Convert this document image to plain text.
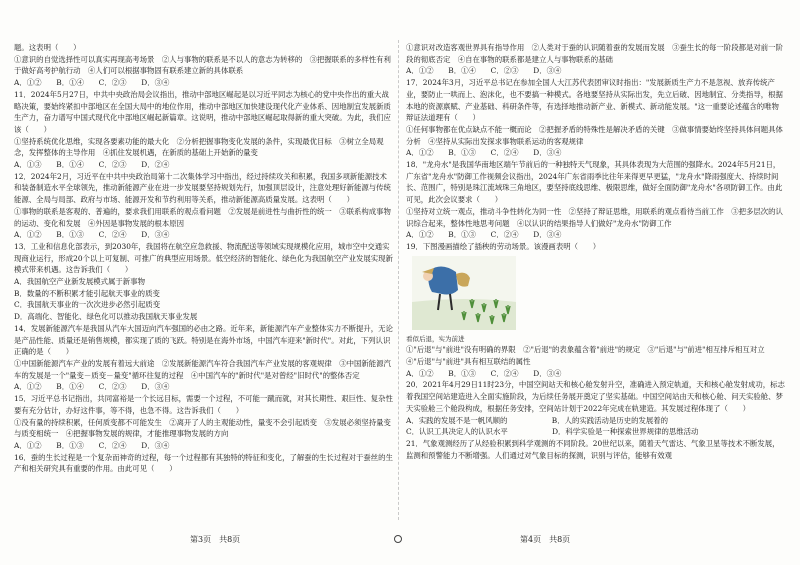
题。这表明（　　）

①意识的自觉选择性可以真实再现高考场景　②人与事物的联系是不以人的意志为转移的　③把握联系的多样性有利于做好高考护航行动　④人们可以根据事物固有联系建立新的具体联系

A．①②　　B．①④　　C．②③　　D．③④

11．2024年5月27日，中共中央政治局会议指出，推动中部地区崛起是以习近平同志为核心的党中央作出的重大战略决策，要始终紧扣中部地区在全国大局中的地位作用，推动中部地区加快建设现代化产业体系、因地制宜发展新质生产力，奋力谱写中国式现代化中部地区崛起新篇章。这说明，推动中部地区崛起取得新的重大突破。为此，我们应该（　　）

①坚持系统优化思维，实现各要素功能的最大化　②分析把握事物变化发展的条件，实现最优目标　③树立全局观念，发挥整体的主导作用　④抓住发展机遇，在新质的基础上开始新的量变

A．①③　　B．①④　　C．②③　　D．②④

12．2024年2月，习近平在中共中央政治局第十二次集体学习中指出，经过持续攻关和积累，我国多项新能源技术和装备制造水平全球领先，推动新能源产业在进一步发展要坚持规划先行，加强顶层设计，注意处理好新能源与传统能源、全局与局部、政府与市场、能源开发和节约利用等关系，推动新能源高质量发展。这表明（　　）

①事物的联系是客观的、普遍的，要求我们用联系的观点看问题　②发展是前进性与曲折性的统一　③联系构成事物的运动、变化和发展　④外因是事物发展的根本原因

A．①②　　B．①③　　C．②④　　D．③④

13．工业和信息化部表示，到2030年，我国将在航空应急救援、物流配送等领域实现规模化应用，城市空中交通实现商业运行，形成20个以上可复制、可推广的典型应用场景。低空经济的智能化、绿色化为我国航空产业发展实现新模式带来机遇。这告诉我们（　　）

A．我国航空产业新发展模式属于新事物

B．数量的不断积累才能引起航天事业的质变

C．我国航天事业的一次次进步必然引起质变

D．高端化、智能化、绿色化可以推动我国航天事业发展

14．发展新能源汽车是我国从汽车大国迈向汽车强国的必由之路。近年来，新能源汽车产业整体实力不断提升，无论是产品性能、质量还是销售规模，都实现了质的飞跃。特别是在海外市场，中国汽车迎来"新时代"。对此，下列认识正确的是（　　）

①中国新能源汽车产业的发展有着远大前途　②发展新能源汽车符合我国汽车产业发展的客观规律　③中国新能源汽车的发展是一个"量变－质变－量变"循环往复的过程　④中国汽车的"新时代"是对曾经"旧时代"的整体否定

A．①②　　B．①④　　C．②③　　D．③④

15．习近平总书记指出，共同富裕是一个长远目标，需要一个过程，不可能一蹴而就，对其长期性、艰巨性、复杂性要有充分估计，办好这件事，等不得，也急不得。这告诉我们（　　）

①没有量的持续积累，任何质变都不可能发生　②离开了人的主观能动性，量变不会引起质变　③发展必须坚持量变与质变相统一　④把握事物发展的规律，才能推理事物发展的方向

A．①②　　B．①③　　C．②④　　D．③④

16．蚕的生长过程是一个复杂而神奇的过程，每一个过程都有其独特的特征和变化，了解蚕的生长过程对于蚕丝的生产和相关研究具有重要的作用。由此可见（　　）

①意识对改造客观世界具有指导作用　②人类对于蚕的认识随着蚕的发展而发展　③蚕生长的每一阶段都是对前一阶段的彻底否定　④自在事物的联系都是建立人与事物联系的基础

A．①②　　B．①④　　C．②③　　D．③④

17．2024年3月，习近平总书记在参加全国人大江苏代表团审议时指出："发展新质生产力不是忽视、放弃传统产业，要防止一哄而上、泡沫化，也不要搞一种模式。各地要坚持从实际出发，先立后破、因地制宜、分类指导，根据本地的资源禀赋、产业基础、科研条件等，有选择地推动新产业、新模式、新动能发展。"这一重要论述蕴含的唯物辩证法道理有（　　）

①任何事物都在优点缺点不能一概而论　②把握矛盾的特殊性是解决矛盾的关键　③做事情要始终坚持具体问题具体分析　④坚持从实际出发探求事物联系运动的客观规律

A．①②　　B．①③　　C．②④　　D．③④

18．"龙舟水"是我国华南地区端午节前后的一种独特天气现象，其具体表现为大范围的强降水。2024年5月21日，广东省"龙舟水"防御工作视频会议指出，2024年广东省雨季比往年来得更早更猛，"龙舟水"降雨强度大、持续时间长、范围广，特别是珠江流域珠三角地区，要坚持底线思维、极限思维，做好全面防御"龙舟水"各项防御工作。由此可见，此次会议要求（　　）

①坚持对立统一观点，推动斗争性转化为同一性　②坚持了辩证思维，用联系的观点看待当前工作　③把多层次的认识综合起来，整体性地思考问题　④以认识的结果指导人们做好"龙舟水"防御工作

A．①②　　B．①③　　C．②④　　D．③④

19．下图漫画描绘了插秧的劳动场景。该漫画表明（　　）

看似后退，实为前进

①"后退"与"前进"没有明确的界限　②"后退"的表象蕴含着"前进"的规定　③"后退"与"前进"相互排斥相互对立　④"后退"与"前进"具有相互联结的属性

A．①②　　B．①③　　C．②④　　D．③④

20．2021年4月29日11时23分，中国空间站天和核心舱发射升空，准确进入预定轨道，天和核心舱发射成功，标志着我国空间站建造进入全面实施阶段，为后续任务展开奠定了坚实基础。中国空间站由天和核心舱、问天实验舱、梦天实验舱三个舱段构成，根据任务安排，空间站计划于2022年完成在轨建造。其发展过程体现了（　　）

A．实践的发展不是一帆风顺的　　　　　　B．人的实践活动是历史的发展着的

C．认识工具决定人的认识水平　　　　　　D．科学实验是一种探索世界规律的思维活动

21．气象观测经历了从经验积累到科学观测的不同阶段。20世纪以来，随着天气雷达、气象卫星等技术不断发展，监测和预警能力不断增强。人们通过对气象目标的探测，识别与评估，能够有效观

第3页　共8页	第4页　共8页
